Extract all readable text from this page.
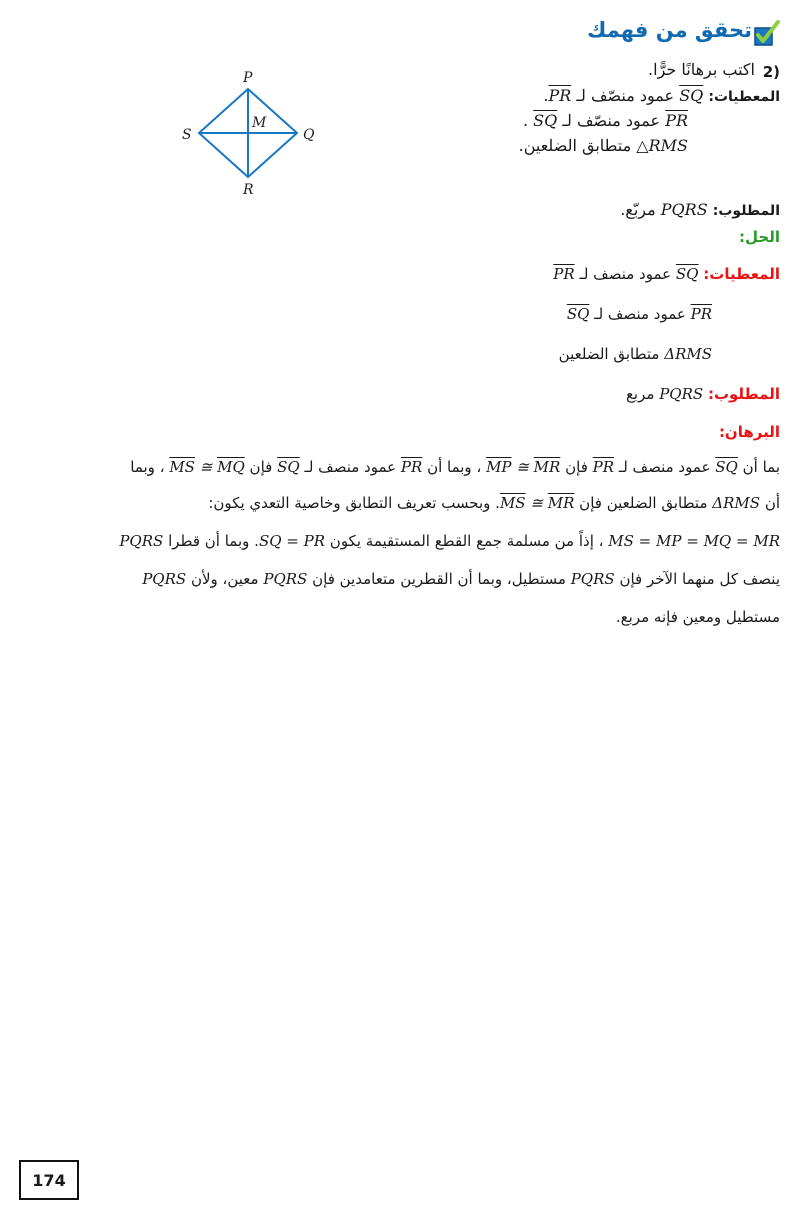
تحقق من فهمك
2)
اكتب برهانًا حرًّا.
المعطيات: $\overline{SQ}$ عمود منصّف لـ $\overline{PR}$.
$\overline{PR}$ عمود منصّف لـ $\overline{SQ}$ .
△RMS متطابق الضلعين.
المطلوب: PQRS مربّع.
P
Q
R
S
M
الحل:
المعطيات: $\overline{SQ}$ عمود منصف لـ $\overline{PR}$
$\overline{PR}$ عمود منصف لـ $\overline{SQ}$
ΔRMS متطابق الضلعين
المطلوب: PQRS مربع
البرهان:
بما أن $\overline{SQ}$ عمود منصف لـ $\overline{PR}$ فإن $\overline{MP}$ ≅ $\overline{MR}$ ، وبما أن $\overline{PR}$ عمود منصف لـ $\overline{SQ}$ فإن $\overline{MS}$ ≅ $\overline{MQ}$ ، وبما
أن ΔRMS متطابق الضلعين فإن $\overline{MS}$ ≅ $\overline{MR}$. وبحسب تعريف التطابق وخاصية التعدي يكون:
MS = MP = MQ = MR ، إذاً من مسلمة جمع القطع المستقيمة يكون SQ = PR. وبما أن قطرا PQRS
ينصف كل منهما الآخر فإن PQRS مستطيل، وبما أن القطرين متعامدين فإن PQRS معين، ولأن PQRS
مستطيل ومعين فإنه مربع.
174
